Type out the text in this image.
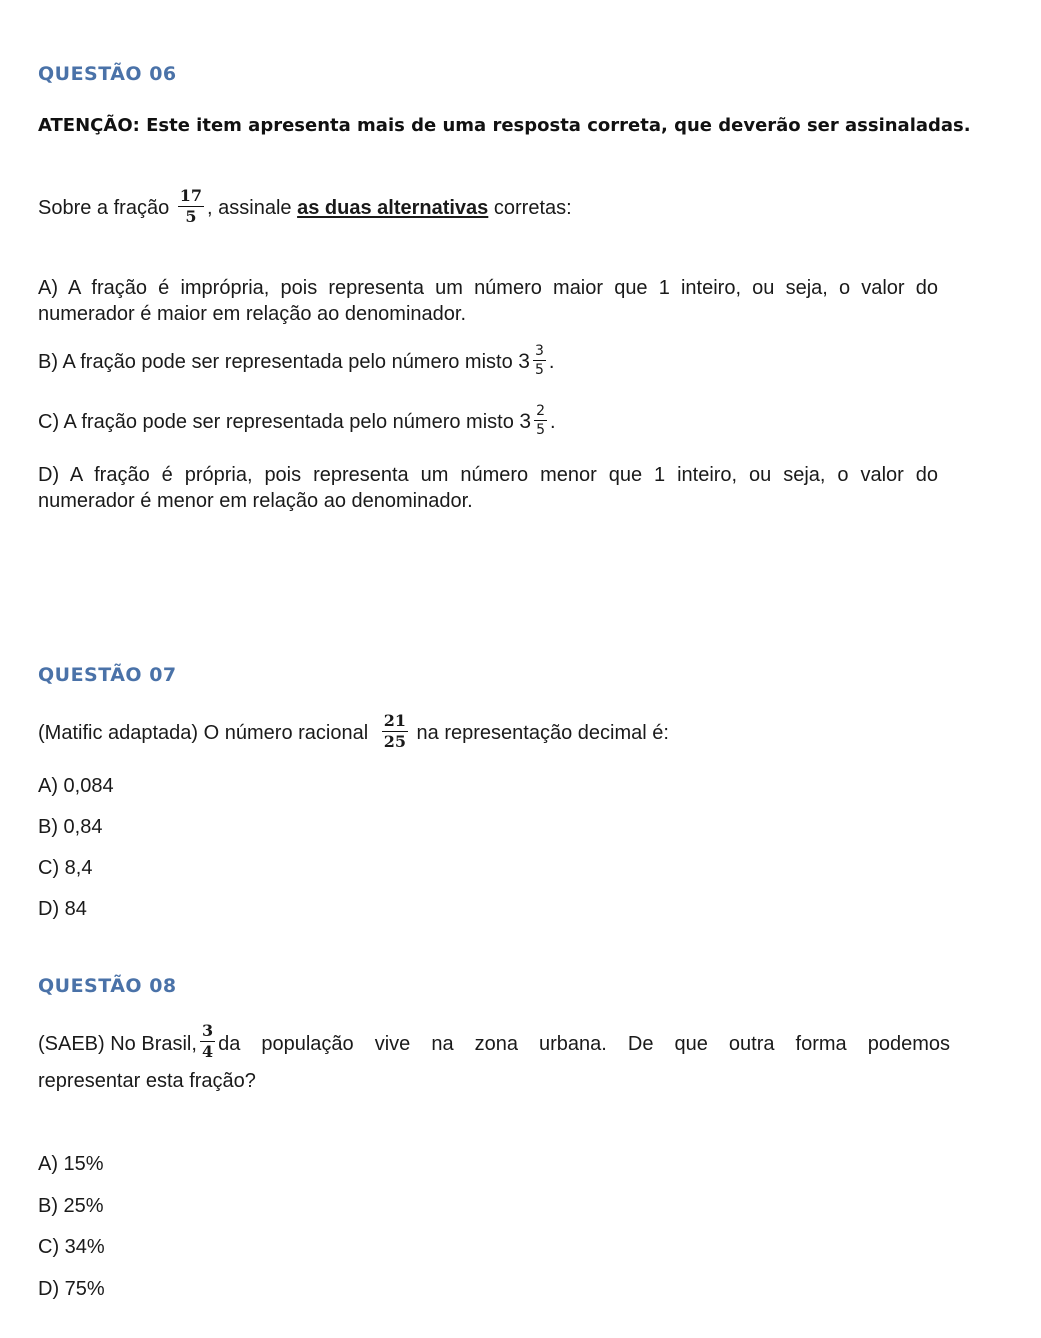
QUESTÃO 06
ATENÇÃO: Este item apresenta mais de uma resposta correta, que deverão ser assinaladas.
Sobre a fração $\frac{17}{5}$ , assinale as duas alternativas corretas:
A) A fração é imprópria, pois representa um número maior que 1 inteiro, ou seja, o valor do
numerador é maior em relação ao denominador.
B) A fração pode ser representada pelo número misto $3 \frac{3}{5}$ .
C) A fração pode ser representada pelo número misto $3 \frac{2}{5}$ .
D) A fração é própria, pois representa um número menor que 1 inteiro, ou seja, o valor do
numerador é menor em relação ao denominador.
QUESTÃO 07
(Matific adaptada) O número racional $\frac{21}{25}$ na representação decimal é:
A) 0,084
B) 0,84
C) 8,4
D) 84
QUESTÃO 08
(SAEB) No Brasil, $\frac{3}{4}$ da população vive na zona urbana. De que outra forma podemos
representar esta fração?
A) 15%
B) 25%
C) 34%
D) 75%
